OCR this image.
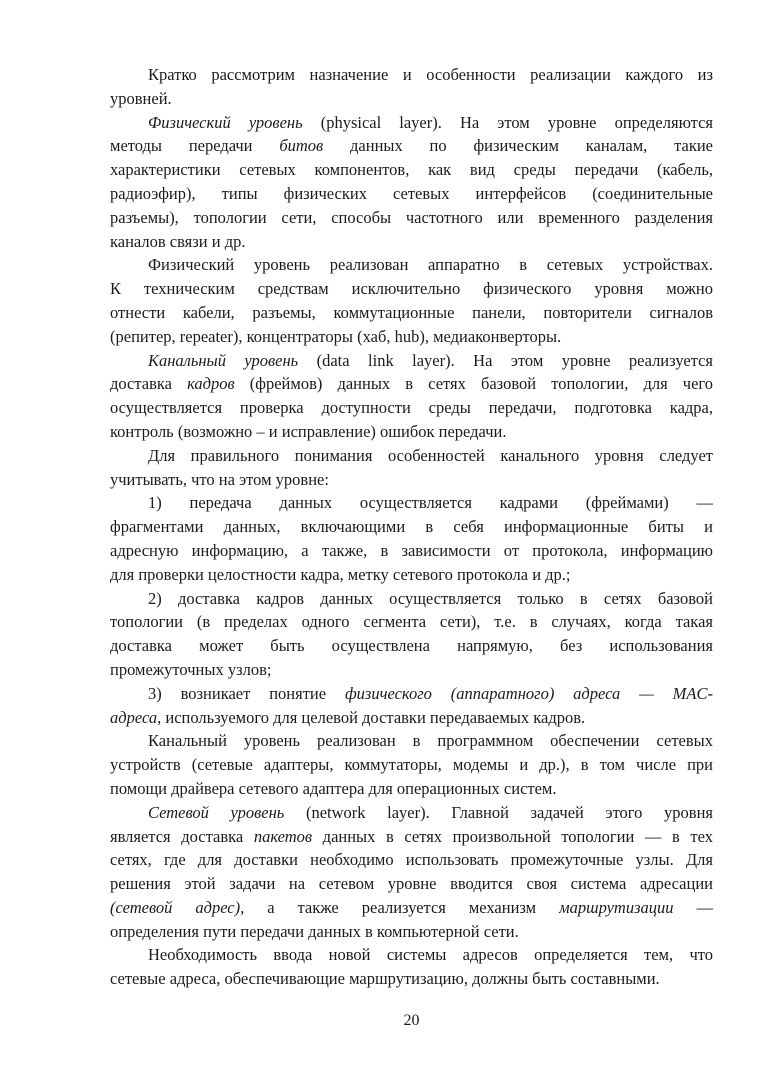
Кратко рассмотрим назначение и особенности реализации каждого из
уровней.
Физический уровень (physical layer). На этом уровне определяются
методы передачи битов данных по физическим каналам, такие
характеристики сетевых компонентов, как вид среды передачи (кабель,
радиоэфир), типы физических сетевых интерфейсов (соединительные
разъемы), топологии сети, способы частотного или временного разделения
каналов связи и др.
Физический уровень реализован аппаратно в сетевых устройствах.
К техническим средствам исключительно физического уровня можно
отнести кабели, разъемы, коммутационные панели, повторители сигналов
(репитер, repeater), концентраторы (хаб, hub), медиаконверторы.
Канальный уровень (data link layer). На этом уровне реализуется
доставка кадров (фреймов) данных в сетях базовой топологии, для чего
осуществляется проверка доступности среды передачи, подготовка кадра,
контроль (возможно – и исправление) ошибок передачи.
Для правильного понимания особенностей канального уровня следует
учитывать, что на этом уровне:
1) передача данных осуществляется кадрами (фреймами) —
фрагментами данных, включающими в себя информационные биты и
адресную информацию, а также, в зависимости от протокола, информацию
для проверки целостности кадра, метку сетевого протокола и др.;
2) доставка кадров данных осуществляется только в сетях базовой
топологии (в пределах одного сегмента сети), т.е. в случаях, когда такая
доставка может быть осуществлена напрямую, без использования
промежуточных узлов;
3) возникает понятие физического (аппаратного) адреса — MAC-
адреса, используемого для целевой доставки передаваемых кадров.
Канальный уровень реализован в программном обеспечении сетевых
устройств (сетевые адаптеры, коммутаторы, модемы и др.), в том числе при
помощи драйвера сетевого адаптера для операционных систем.
Сетевой уровень (network layer). Главной задачей этого уровня
является доставка пакетов данных в сетях произвольной топологии — в тех
сетях, где для доставки необходимо использовать промежуточные узлы. Для
решения этой задачи на сетевом уровне вводится своя система адресации
(сетевой адрес), а также реализуется механизм маршрутизации —
определения пути передачи данных в компьютерной сети.
Необходимость ввода новой системы адресов определяется тем, что
сетевые адреса, обеспечивающие маршрутизацию, должны быть составными.
20
